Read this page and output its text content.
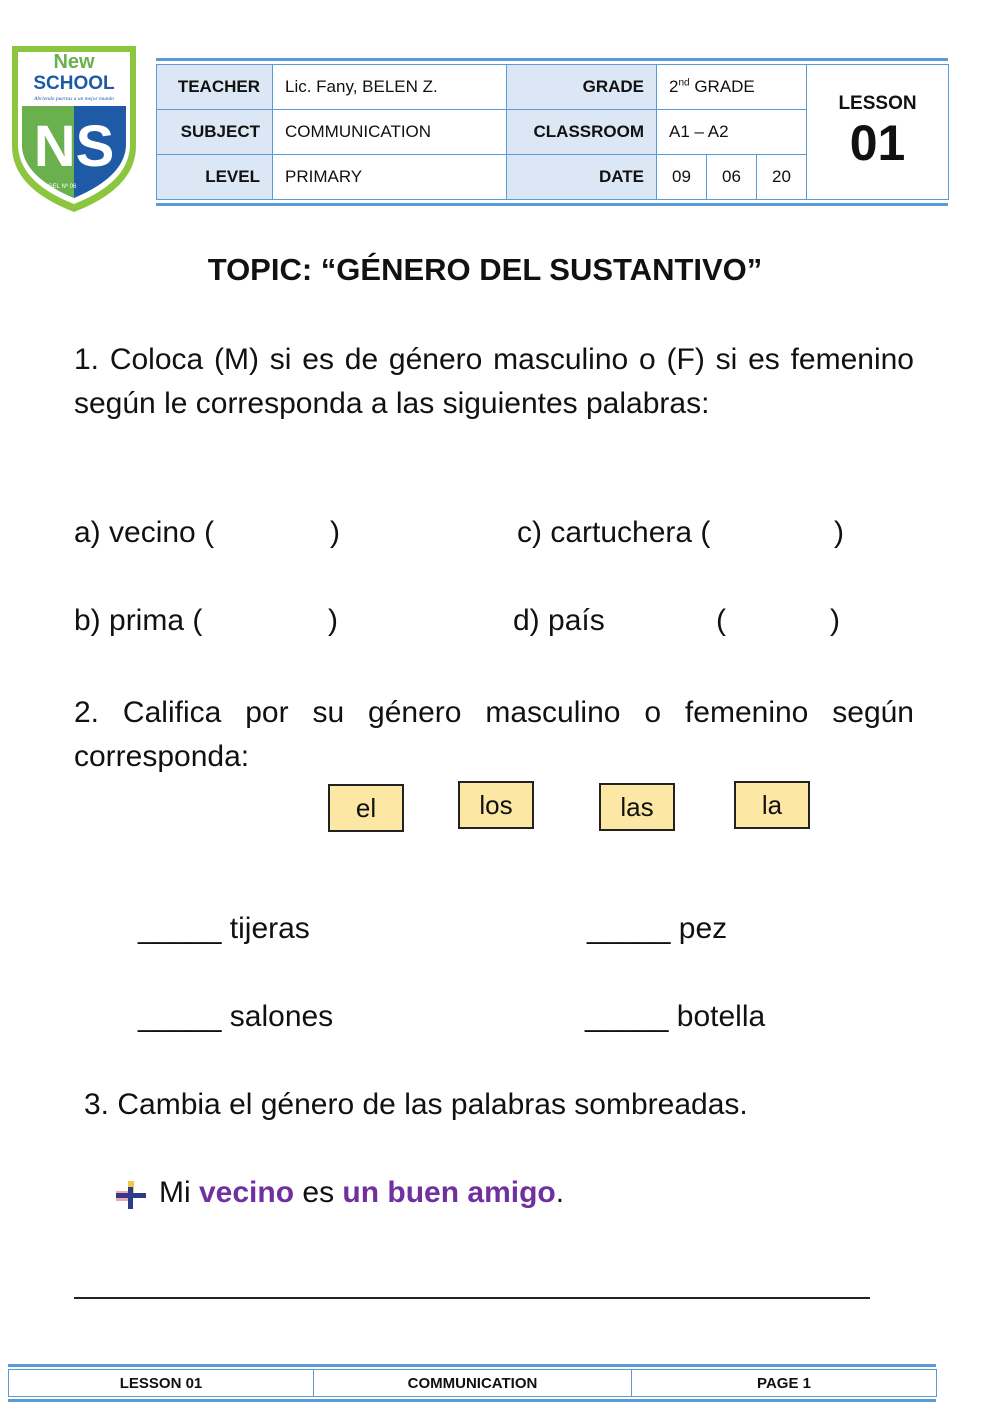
New
SCHOOL
Abriendo puertas a un mejor mundo
NS
UGEL Nº 06
TEACHER	Lic. Fany, BELEN Z.	GRADE	2nd GRADE			LESSON
01

SUBJECT	COMMUNICATION	CLASSROOM	A1 – A2			
LEVEL	PRIMARY	DATE	09	06	20	
TOPIC: “GÉNERO DEL SUSTANTIVO”
1. Coloca (M) si es de género masculino o (F) si es femenino según le corresponda a las siguientes palabras:
a) vecino (	)	c) cartuchera (	)
b) prima (	)	d) país	(	)
2. Califica por su género masculino o femenino según corresponda:
el	los	las	la
_____ tijeras	_____ pez
_____ salones	_____ botella
3. Cambia el género de las palabras sombreadas.
Mi vecino es un buen amigo.
LESSON 01	COMMUNICATION	PAGE 1
